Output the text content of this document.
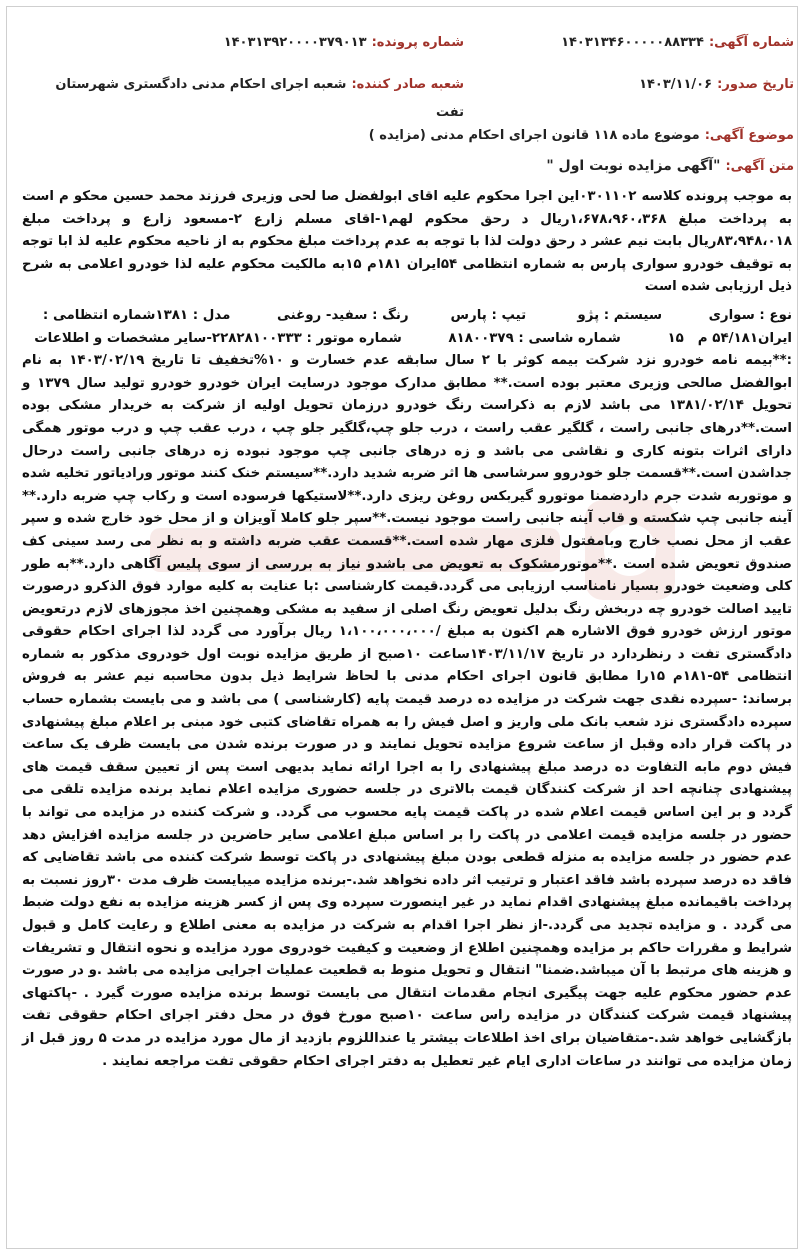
شماره آگهی: ۱۴۰۳۱۳۴۶۰۰۰۰۰۸۸۳۳۴
تاریخ صدور: ۱۴۰۳/۱۱/۰۶
شماره پرونده: ۱۴۰۳۱۳۹۲۰۰۰۰۳۷۹۰۱۳
شعبه صادر کننده: شعبه اجرای احکام مدنی دادگستری شهرستان تفت
موضوع آگهی: موضوع ماده ۱۱۸ قانون اجرای احکام مدنی (مزایده )
متن آگهی: "آگهی مزایده نوبت اول "

به موجب پرونده کلاسه ۰۳۰۱۱۰۲این اجرا محکوم علیه اقای ابولفضل صا لحی وزیری فرزند محمد حسین محکو م است به پرداخت مبلغ ۱،۶۷۸،۹۶۰،۳۶۸ریال د رحق محکوم لهم۱-اقای مسلم زارع ۲-مسعود زارع و پرداخت مبلغ ۸۳،۹۴۸،۰۱۸ریال بابت نیم عشر د رحق دولت لذا با توجه به عدم پرداخت مبلغ محکوم به از ناحیه محکوم علیه لذ ابا توجه به توقیف خودرو سواری پارس به شماره انتظامی ۵۴ایران ۱۸۱م ۱۵به مالکیت محکوم علیه لذا خودرو اعلامی به شرح ذیل ارزیابی شده است

نوع : سواری          سیستم : پژو           تیپ : پارس         رنگ : سفید- روغنی          مدل : ۱۳۸۱شماره انتظامی :

ایران۵۴/۱۸۱ م   ۱۵          شماره شاسی : ۸۱۸۰۰۳۷۹          شماره موتور : ۲۲۸۲۸۱۰۰۳۳۳-سایر مشخصات و اطلاعات

:**بیمه نامه خودرو نزد شرکت بیمه کوثر با ۲ سال سابقه عدم خسارت و ۱۰%تخفیف تا تاریخ ۱۴۰۳/۰۲/۱۹ به نام ابوالفضل صالحی وزیری معتبر بوده است.** مطابق مدارک موجود درسایت ایران خودرو خودرو تولید سال ۱۳۷۹ و تحویل ۱۳۸۱/۰۲/۱۴ می باشد لازم به ذکراست رنگ خودرو درزمان تحویل اولیه از شرکت به خریدار مشکی بوده است.**درهای جانبی راست ، گلگیر عقب راست ، درب جلو چپ،گلگیر جلو چپ ، درب عقب چپ و درب موتور همگی دارای اثرات بتونه کاری و نقاشی می باشد و زه درهای جانبی چپ موجود نبوده زه درهای جانبی راست درحال جداشدن است.**قسمت جلو خودروو سرشاسی ها اثر ضربه شدید دارد.**سیستم خنک کنند موتور ورادیاتور تخلیه شده و موتوربه شدت جرم داردضمنا موتورو گیربکس روغن ریزی دارد.**لاستیکها فرسوده است و رکاب چپ ضربه دارد.** آینه جانبی چپ شکسته و قاب آینه جانبی راست موجود نیست.**سپر جلو کاملا آویزان و از محل خود خارج شده و سپر عقب از محل نصب خارج وبامفتول فلزی مهار شده است.**قسمت عقب ضربه داشته و به نظر می رسد سینی کف صندوق تعویض شده است .**موتورمشکوک به تعویض می باشدو نیاز به بررسی از سوی پلیس آگاهی دارد.**به طور کلی وضعیت خودرو بسیار نامناسب ارزیابی می گردد.قیمت کارشناسی :با عنایت به کلیه موارد فوق الذکرو درصورت تایید اصالت خودرو چه دربخش رنگ بدلیل تعویض رنگ اصلی از سفید به مشکی وهمچنین اخذ مجوزهای لازم درتعویض موتور ارزش خودرو فوق الاشاره هم اکنون به مبلغ /۱،۱۰۰،۰۰۰،۰۰۰ ریال برآورد می گردد لذا اجرای احکام حقوقی دادگستری تفت د رنظردارد در تاریخ ۱۴۰۳/۱۱/۱۷ساعت ۱۰صبح از طریق مزایده نوبت اول خودروی مذکور به شماره انتظامی ۵۴-۱۸۱م ۱۵را مطابق قانون اجرای احکام مدنی با لحاظ شرایط ذیل بدون محاسبه نیم عشر به فروش برساند: -سپرده نقدی جهت شرکت در مزایده ده درصد قیمت پایه (کارشناسی ) می باشد و می بایست بشماره حساب سپرده دادگستری نزد شعب بانک ملی واریز و اصل فیش را به همراه تقاضای کتبی خود مبنی بر اعلام مبلغ پیشنهادی در پاکت قرار داده وقبل از ساعت شروع مزایده تحویل نمایند و در صورت برنده شدن می بایست ظرف یک ساعت فیش دوم مابه التفاوت ده درصد مبلغ پیشنهادی را به اجرا ارائه نماید بدیهی است پس از تعیین سقف قیمت های پیشنهادی چنانچه احد از شرکت کنندگان قیمت بالاتری در جلسه حضوری مزایده اعلام نماید برنده مزایده تلقی می گردد و بر این اساس قیمت اعلام شده در پاکت قیمت پایه محسوب می گردد. و شرکت کننده در مزایده می تواند با حضور در جلسه مزایده قیمت اعلامی در پاکت را بر اساس مبلغ اعلامی سایر حاضرین در جلسه مزایده افزایش دهد عدم حضور در جلسه مزایده به منزله قطعی بودن مبلغ پیشنهادی در پاکت توسط شرکت کننده می باشد تقاضایی که فاقد ده درصد سپرده باشد فاقد اعتبار و ترتیب اثر داده نخواهد شد.-برنده مزایده میبایست ظرف مدت ۳۰روز نسبت به پرداخت باقیمانده مبلغ پیشنهادی اقدام نماید در غیر اینصورت سپرده وی پس از کسر هزینه مزایده به نفع دولت ضبط می گردد . و مزایده تجدید می گردد.-از نظر اجرا اقدام به شرکت در مزایده به معنی اطلاع و رعایت کامل و قبول شرایط و مقررات حاکم بر مزایده وهمچنین اطلاع از وضعیت و کیفیت خودروی مورد مزایده و نحوه انتقال و تشریفات و هزینه های مرتبط با آن میباشد.ضمنا" انتقال و تحویل منوط به قطعیت عملیات اجرایی مزایده می باشد .و در صورت عدم حضور محکوم علیه جهت پیگیری انجام مقدمات انتقال می بایست توسط برنده مزایده صورت گیرد . -پاکتهای پیشنهاد قیمت شرکت کنندگان در مزایده راس ساعت ۱۰صبح مورخ فوق در محل دفتر اجرای احکام حقوقی تفت بازگشایی خواهد شد.-متقاضیان برای اخذ اطلاعات بیشتر یا عنداللزوم بازدید از مال مورد مزایده در مدت ۵ روز قبل از زمان مزایده می توانند در ساعات اداری ایام غیر تعطیل به دفتر اجرای احکام حقوقی تفت مراجعه نمایند .
